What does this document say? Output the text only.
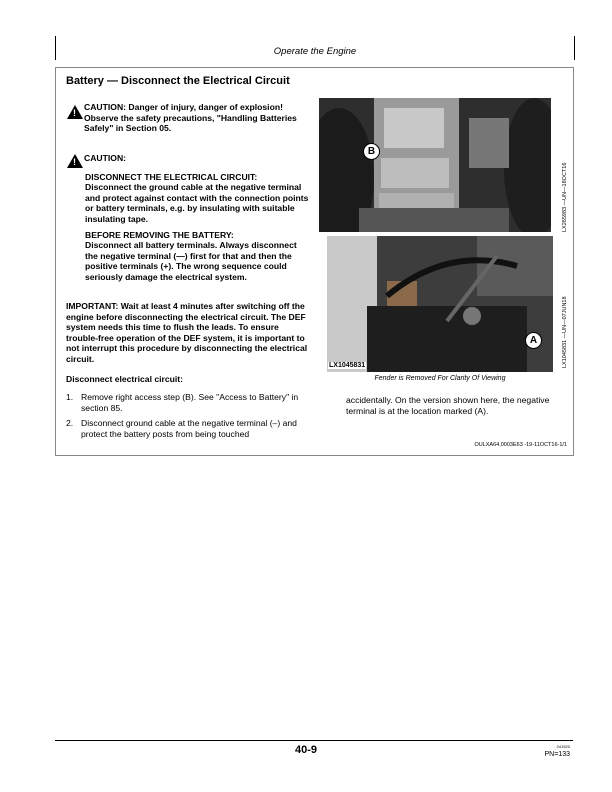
Operate the Engine
Battery — Disconnect the Electrical Circuit
!
CAUTION: Danger of injury, danger of explosion! Observe the safety precautions, "Handling Batteries Safely" in Section 05.
!
CAUTION:
DISCONNECT THE ELECTRICAL CIRCUIT:
Disconnect the ground cable at the negative terminal and protect against contact with the connection points or battery terminals, e.g. by insulating with suitable insulating tape.
BEFORE REMOVING THE BATTERY:
Disconnect all battery terminals. Always disconnect the negative terminal (—) first for that and then the positive terminals (+). The wrong sequence could seriously damage the electrical system.
IMPORTANT: Wait at least 4 minutes after switching off the engine before disconnecting the electrical circuit. The DEF system needs this time to flush the leads. To ensure trouble-free operation of the DEF system, it is important to not interrupt this procedure by disconnecting the electrical circuit.
Disconnect electrical circuit:
1. Remove right access step (B). See "Access to Battery" in section 85.
2. Disconnect ground cable at the negative terminal (–) and protect the battery posts from being touched
B
LX265983 —UN—18OCT16
LX1045831
A	LX1045831 —UN—07JUN18
Fender is Removed For Clarity Of Viewing
accidentally. On the version shown here, the negative terminal is at the location marked (A).
OULXA64,0003E63 -19-11OCT16-1/1
40-9	041520
PN=133
